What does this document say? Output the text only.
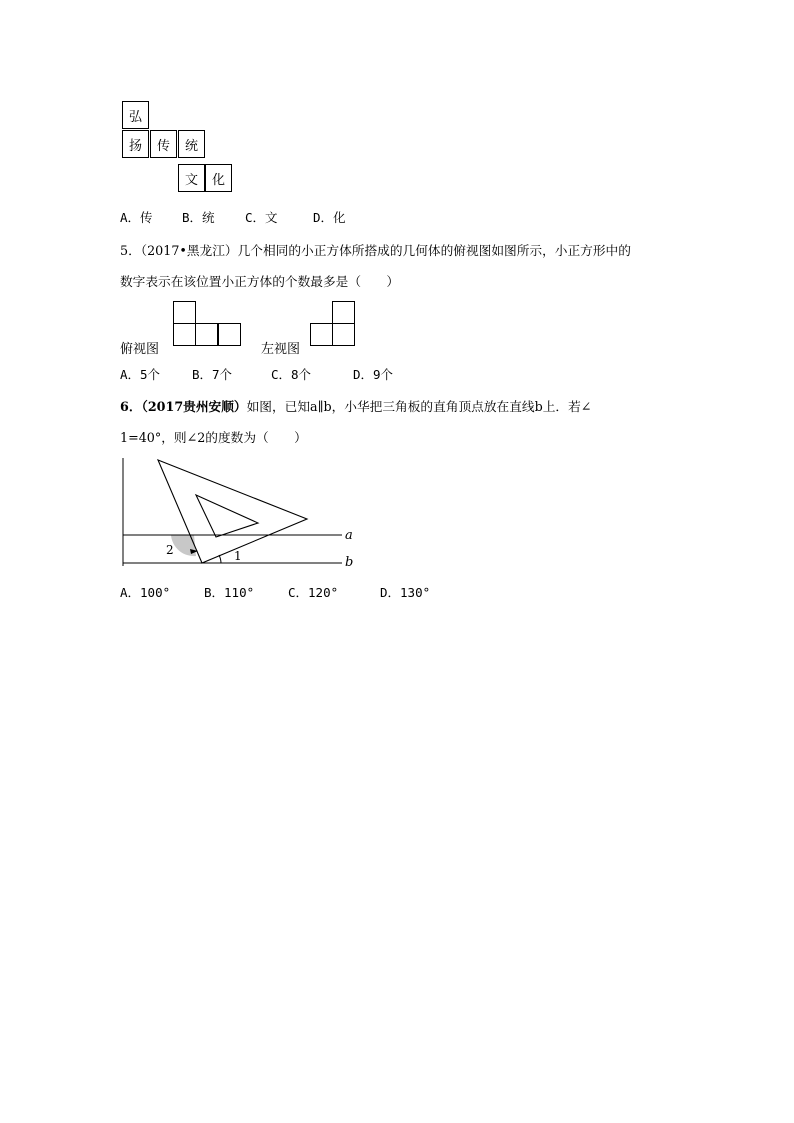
弘
扬	传	统
文	化
A．传 B．统 C．文	D．化
5．（2017•黑龙江）几个相同的小正方体所搭成的几何体的俯视图如图所示，小正方形中的
数字表示在该位置小正方体的个数最多是（　　）
俯视图	左视图
A．5个	B．7个	C．8个	D．9个
6．（2017贵州安顺）如图，已知a∥b，小华把三角板的直角顶点放在直线b上．若∠
1=40°，则∠2的度数为（　　）
a
b
2	1
A．100°	B．110°	C．120°	D．130°
